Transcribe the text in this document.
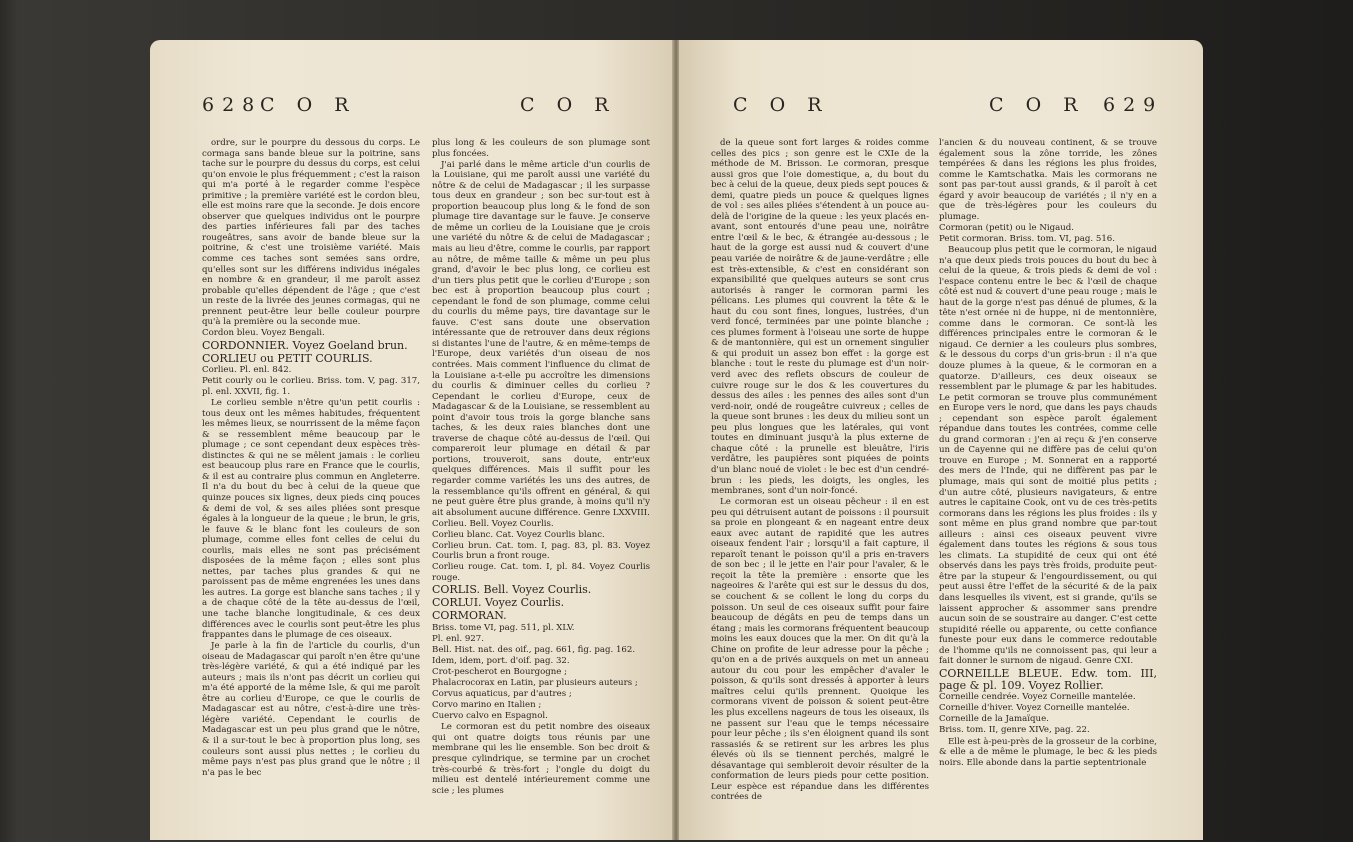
628
C O R	C O R

ordre, sur le pourpre du dessous du corps. Le cormaga sans bande bleue sur la poitrine, sans tache sur le pourpre du dessus du corps, est celui qu'on envoie le plus fréquemment ; c'est la raison qui m'a porté à le regarder comme l'espèce primitive ; la première variété est le cordon bleu, elle est moins rare que la seconde. Je dois encore observer que quelques individus ont le pourpre des parties inférieures fali par des taches rougeâtres, sans avoir de bande bleue sur la poitrine, & c'est une troisième variété. Mais comme ces taches sont semées sans ordre, qu'elles sont sur les différens individus inégales en nombre & en grandeur, il me paroît assez probable qu'elles dépendent de l'âge ; que c'est un reste de la livrée des jeunes cormagas, qui ne prennent peut-être leur belle couleur pourpre qu'à la première ou la seconde mue.

Cordon bleu. Voyez Bengali.

CORDONNIER. Voyez Goeland brun.

CORLIEU ou PETIT COURLIS.

Corlieu. Pl. enl. 842.

Petit courly ou le corlieu. Briss. tom. V, pag. 317, pl. enl. XXVII, fig. 1.

Le corlieu semble n'être qu'un petit courlis : tous deux ont les mêmes habitudes, fréquentent les mêmes lieux, se nourrissent de la même façon & se ressemblent même beaucoup par le plumage ; ce sont cependant deux espèces très-distinctes & qui ne se mêlent jamais : le corlieu est beaucoup plus rare en France que le courlis, & il est au contraire plus commun en Angleterre. Il n'a du bout du bec à celui de la queue que quinze pouces six lignes, deux pieds cinq pouces & demi de vol, & ses ailes pliées sont presque égales à la longueur de la queue ; le brun, le gris, le fauve & le blanc font les couleurs de son plumage, comme elles font celles de celui du courlis, mais elles ne sont pas précisément disposées de la même façon ; elles sont plus nettes, par taches plus grandes & qui ne paroissent pas de même engrenées les unes dans les autres. La gorge est blanche sans taches ; il y a de chaque côté de la tête au-dessus de l'œil, une tache blanche longitudinale, & ces deux différences avec le courlis sont peut-être les plus frappantes dans le plumage de ces oiseaux.

Je parle à la fin de l'article du courlis, d'un oiseau de Madagascar qui paroît n'en être qu'une très-légère variété, & qui a été indiqué par les auteurs ; mais ils n'ont pas décrit un corlieu qui m'a été apporté de la même Isle, & qui me paroît être au corlieu d'Europe, ce que le courlis de Madagascar est au nôtre, c'est-à-dire une très-légère variété. Cependant le courlis de Madagascar est un peu plus grand que le nôtre, & il a sur-tout le bec à proportion plus long, ses couleurs sont aussi plus nettes ; le corlieu du même pays n'est pas plus grand que le nôtre ; il n'a pas le bec

plus long & les couleurs de son plumage sont plus foncées.

J'ai parlé dans le même article d'un courlis de la Louisiane, qui me paroît aussi une variété du nôtre & de celui de Madagascar ; il les surpasse tous deux en grandeur ; son bec sur-tout est à proportion beaucoup plus long & le fond de son plumage tire davantage sur le fauve. Je conserve de même un corlieu de la Louisiane que je crois une variété du nôtre & de celui de Madagascar ; mais au lieu d'être, comme le courlis, par rapport au nôtre, de même taille & même un peu plus grand, d'avoir le bec plus long, ce corlieu est d'un tiers plus petit que le corlieu d'Europe ; son bec est à proportion beaucoup plus court ; cependant le fond de son plumage, comme celui du courlis du même pays, tire davantage sur le fauve. C'est sans doute une observation intéressante que de retrouver dans deux régions si distantes l'une de l'autre, & en même-temps de l'Europe, deux variétés d'un oiseau de nos contrées. Mais comment l'influence du climat de la Louisiane a-t-elle pu accroître les dimensions du courlis & diminuer celles du corlieu ? Cependant le corlieu d'Europe, ceux de Madagascar & de la Louisiane, se ressemblent au point d'avoir tous trois la gorge blanche sans taches, & les deux raies blanches dont une traverse de chaque côté au-dessus de l'œil. Qui compareroit leur plumage en détail & par portions, trouveroit, sans doute, entr'eux quelques différences. Mais il suffit pour les regarder comme variétés les uns des autres, de la ressemblance qu'ils offrent en général, & qui ne peut guère être plus grande, à moins qu'il n'y ait absolument aucune différence. Genre LXXVIII.

Corlieu. Bell. Voyez Courlis.

Corlieu blanc. Cat. Voyez Courlis blanc.

Corlieu brun. Cat. tom. I, pag. 83, pl. 83. Voyez Courlis brun a front rouge.

Corlieu rouge. Cat. tom. I, pl. 84. Voyez Courlis rouge.

CORLIS. Bell. Voyez Courlis.

CORLUI. Voyez Courlis.

CORMORAN.

Briss. tome VI, pag. 511, pl. XLV.

Pl. enl. 927.

Bell. Hist. nat. des oif., pag. 661, fig. pag. 162.

Idem, idem, port. d'oif. pag. 32.

Crot-pescherot en Bourgogne ;

Phalacrocorax en Latin, par plusieurs auteurs ;

Corvus aquaticus, par d'autres ;

Corvo marino en Italien ;

Cuervo calvo en Espagnol.

Le cormoran est du petit nombre des oiseaux qui ont quatre doigts tous réunis par une membrane qui les lie ensemble. Son bec droit & presque cylindrique, se termine par un crochet très-courbé & très-fort ; l'ongle du doigt du milieu est dentelé intérieurement comme une scie ; les plumes

C O R	C O R 629

de la queue sont fort larges & roides comme celles des pics ; son genre est le CXIe de la méthode de M. Brisson. Le cormoran, presque aussi gros que l'oie domestique, a, du bout du bec à celui de la queue, deux pieds sept pouces & demi, quatre pieds un pouce & quelques lignes de vol : ses ailes pliées s'étendent à un pouce au-delà de l'origine de la queue : les yeux placés en-avant, sont entourés d'une peau une, noirâtre entre l'œil & le bec, & étrangée au-dessous ; le haut de la gorge est aussi nud & couvert d'une peau variée de noirâtre & de jaune-verdâtre ; elle est très-extensible, & c'est en considérant son expansibilité que quelques auteurs se sont crus autorisés à ranger le cormoran parmi les pélicans. Les plumes qui couvrent la tête & le haut du cou sont fines, longues, lustrées, d'un verd foncé, terminées par une pointe blanche ; ces plumes forment à l'oiseau une sorte de huppe & de mantonnière, qui est un ornement singulier & qui produit un assez bon effet : la gorge est blanche : tout le reste du plumage est d'un noir-verd avec des reflets obscurs de couleur de cuivre rouge sur le dos & les couvertures du dessus des ailes : les pennes des ailes sont d'un verd-noir, ondé de rougeâtre cuivreux ; celles de la queue sont brunes : les deux du milieu sont un peu plus longues que les latérales, qui vont toutes en diminuant jusqu'à la plus externe de chaque côté : la prunelle est bleuâtre, l'iris verdâtre, les paupières sont piquées de points d'un blanc noué de violet : le bec est d'un cendré-brun : les pieds, les doigts, les ongles, les membranes, sont d'un noir-foncé.

Le cormoran est un oiseau pêcheur : il en est peu qui détruisent autant de poissons : il poursuit sa proie en plongeant & en nageant entre deux eaux avec autant de rapidité que les autres oiseaux fendent l'air ; lorsqu'il a fait capture, il reparoît tenant le poisson qu'il a pris en-travers de son bec ; il le jette en l'air pour l'avaler, & le reçoit la tête la première : ensorte que les nageoires & l'arête qui est sur le dessus du dos, se couchent & se collent le long du corps du poisson. Un seul de ces oiseaux suffit pour faire beaucoup de dégâts en peu de temps dans un étang ; mais les cormorans fréquentent beaucoup moins les eaux douces que la mer. On dit qu'à la Chine on profite de leur adresse pour la pêche ; qu'on en a de privés auxquels on met un anneau autour du cou pour les empêcher d'avaler le poisson, & qu'ils sont dressés à apporter à leurs maîtres celui qu'ils prennent. Quoique les cormorans vivent de poisson & soient peut-être les plus excellens nageurs de tous les oiseaux, ils ne passent sur l'eau que le temps nécessaire pour leur pêche ; ils s'en éloignent quand ils sont rassasiés & se retirent sur les arbres les plus élevés où ils se tiennent perchés, malgré le désavantage qui sembleroit devoir résulter de la conformation de leurs pieds pour cette position. Leur espèce est répandue dans les différentes contrées de

l'ancien & du nouveau continent, & se trouve également sous la zône torride, les zônes tempérées & dans les régions les plus froides, comme le Kamtschatka. Mais les cormorans ne sont pas par-tout aussi grands, & il paroît à cet égard y avoir beaucoup de variétés ; il n'y en a que de très-légères pour les couleurs du plumage.

Cormoran (petit) ou le Nigaud.

Petit cormoran. Briss. tom. VI, pag. 516.

Beaucoup plus petit que le cormoran, le nigaud n'a que deux pieds trois pouces du bout du bec à celui de la queue, & trois pieds & demi de vol : l'espace contenu entre le bec & l'œil de chaque côté est nud & couvert d'une peau rouge ; mais le haut de la gorge n'est pas dénué de plumes, & la tête n'est ornée ni de huppe, ni de mentonnière, comme dans le cormoran. Ce sont-là les différences principales entre le cormoran & le nigaud. Ce dernier a les couleurs plus sombres, & le dessous du corps d'un gris-brun : il n'a que douze plumes à la queue, & le cormoran en a quatorze. D'ailleurs, ces deux oiseaux se ressemblent par le plumage & par les habitudes. Le petit cormoran se trouve plus communément en Europe vers le nord, que dans les pays chauds ; cependant son espèce paroît également répandue dans toutes les contrées, comme celle du grand cormoran : j'en ai reçu & j'en conserve un de Cayenne qui ne diffère pas de celui qu'on trouve en Europe ; M. Sonnerat en a rapporté des mers de l'Inde, qui ne diffèrent pas par le plumage, mais qui sont de moitié plus petits ; d'un autre côté, plusieurs navigateurs, & entre autres le capitaine Cook, ont vu de ces très-petits cormorans dans les régions les plus froides : ils y sont même en plus grand nombre que par-tout ailleurs : ainsi ces oiseaux peuvent vivre également dans toutes les régions & sous tous les climats. La stupidité de ceux qui ont été observés dans les pays très froids, produite peut-être par la stupeur & l'engourdissement, ou qui peut aussi être l'effet de la sécurité & de la paix dans lesquelles ils vivent, est si grande, qu'ils se laissent approcher & assommer sans prendre aucun soin de se soustraire au danger. C'est cette stupidité réelle ou apparente, ou cette confiance funeste pour eux dans le commerce redoutable de l'homme qu'ils ne connoissent pas, qui leur a fait donner le surnom de nigaud. Genre CXI.

CORNEILLE BLEUE. Edw. tom. III, page & pl. 109. Voyez Rollier.

Corneille cendrée. Voyez Corneille mantelée.

Corneille d'hiver. Voyez Corneille mantelée.

Corneille de la Jamaïque.

Briss. tom. II, genre XIVe, pag. 22.

Elle est à-peu-près de la grosseur de la corbine, & elle a de même le plumage, le bec & les pieds noirs. Elle abonde dans la partie septentrionale
